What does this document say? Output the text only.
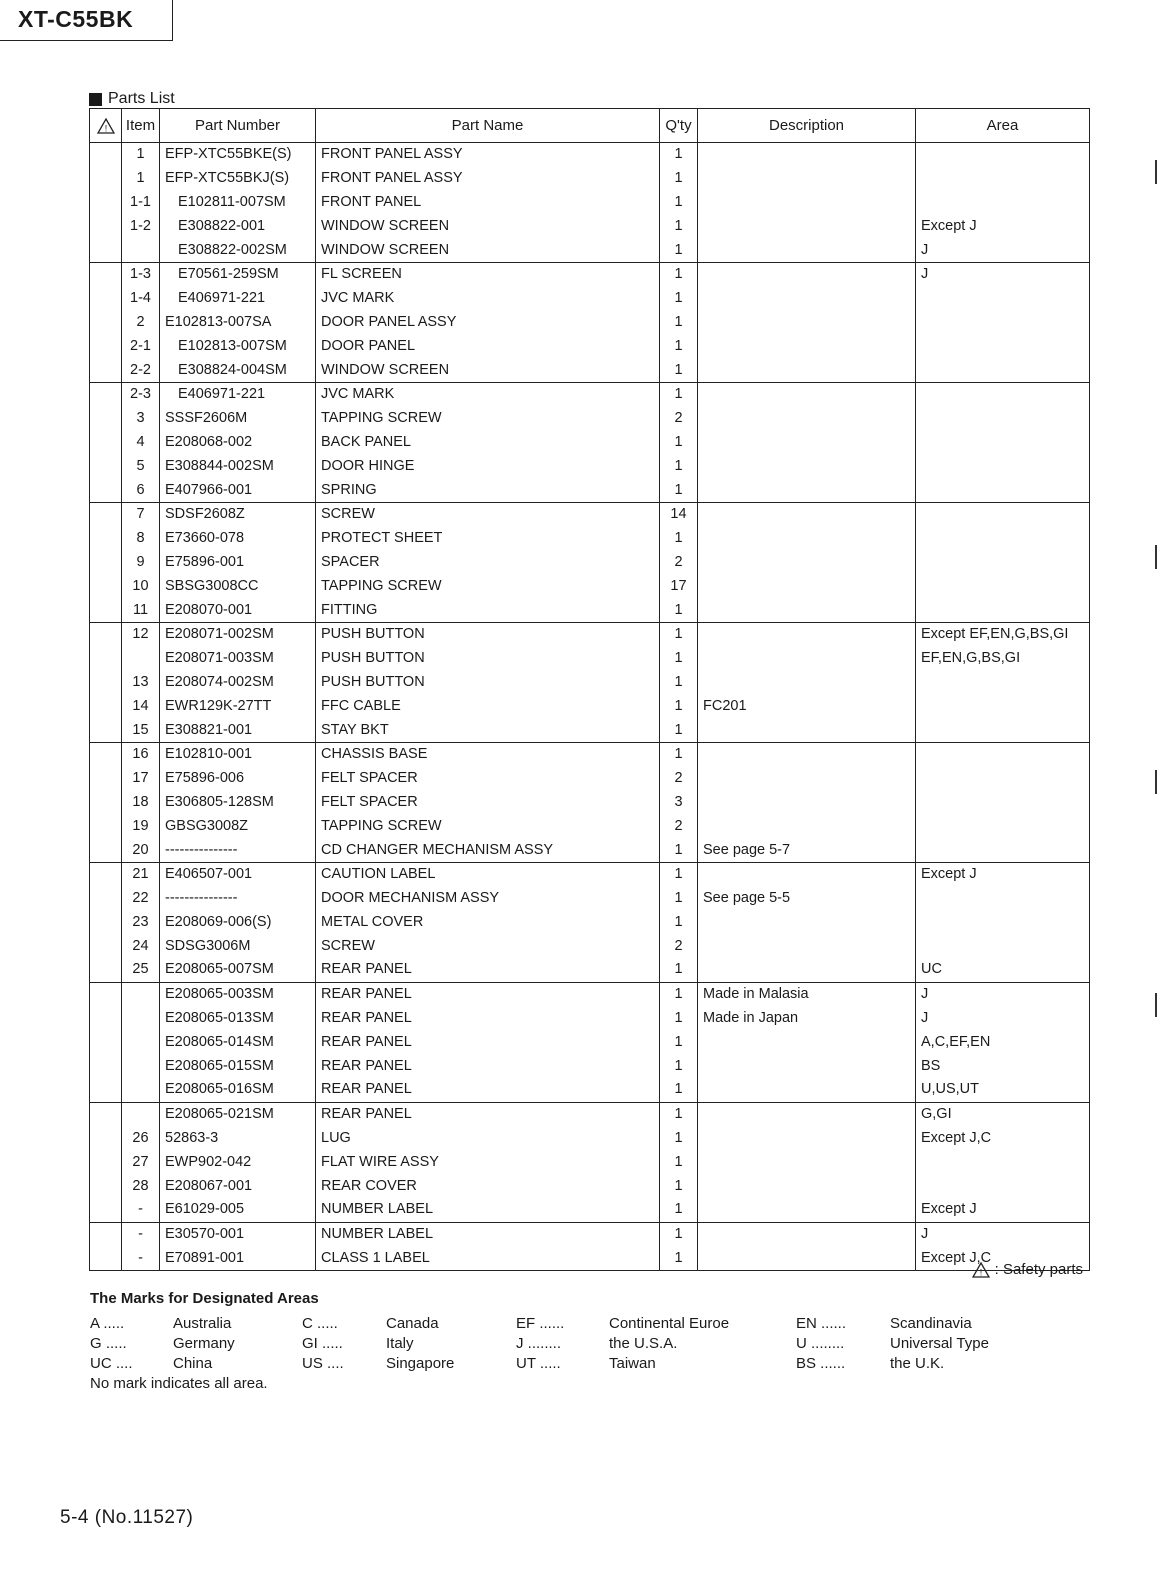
XT-C55BK
Parts List
!	Item	Part Number	Part Name	Q'ty	Description	Area
	1	EFP-XTC55BKE(S)	FRONT PANEL ASSY	1		
	1	EFP-XTC55BKJ(S)	FRONT PANEL ASSY	1		
	1-1	E102811-007SM	FRONT PANEL	1		
	1-2	E308822-001	WINDOW SCREEN	1		Except J
		E308822-002SM	WINDOW SCREEN	1		J
	1-3	E70561-259SM	FL SCREEN	1		J
	1-4	E406971-221	JVC MARK	1		
	2	E102813-007SA	DOOR PANEL ASSY	1		
	2-1	E102813-007SM	DOOR PANEL	1		
	2-2	E308824-004SM	WINDOW SCREEN	1		
	2-3	E406971-221	JVC MARK	1		
	3	SSSF2606M	TAPPING SCREW	2		
	4	E208068-002	BACK PANEL	1		
	5	E308844-002SM	DOOR HINGE	1		
	6	E407966-001	SPRING	1		
	7	SDSF2608Z	SCREW	14		
	8	E73660-078	PROTECT SHEET	1		
	9	E75896-001	SPACER	2		
	10	SBSG3008CC	TAPPING SCREW	17		
	11	E208070-001	FITTING	1		
	12	E208071-002SM	PUSH BUTTON	1		Except EF,EN,G,BS,GI
		E208071-003SM	PUSH BUTTON	1		EF,EN,G,BS,GI
	13	E208074-002SM	PUSH BUTTON	1		
	14	EWR129K-27TT	FFC CABLE	1	FC201	
	15	E308821-001	STAY BKT	1		
	16	E102810-001	CHASSIS BASE	1		
	17	E75896-006	FELT SPACER	2		
	18	E306805-128SM	FELT SPACER	3		
	19	GBSG3008Z	TAPPING SCREW	2		
	20	---------------	CD CHANGER MECHANISM ASSY	1	See page 5-7	
	21	E406507-001	CAUTION LABEL	1		Except J
	22	---------------	DOOR MECHANISM ASSY	1	See page 5-5	
	23	E208069-006(S)	METAL COVER	1		
	24	SDSG3006M	SCREW	2		
	25	E208065-007SM	REAR PANEL	1		UC
		E208065-003SM	REAR PANEL	1	Made in Malasia	J
		E208065-013SM	REAR PANEL	1	Made in Japan	J
		E208065-014SM	REAR PANEL	1		A,C,EF,EN
		E208065-015SM	REAR PANEL	1		BS
		E208065-016SM	REAR PANEL	1		U,US,UT
		E208065-021SM	REAR PANEL	1		G,GI
	26	52863-3	LUG	1		Except J,C
	27	EWP902-042	FLAT WIRE ASSY	1		
	28	E208067-001	REAR COVER	1		
	-	E61029-005	NUMBER LABEL	1		Except J
	-	E30570-001	NUMBER LABEL	1		J
	-	E70891-001	CLASS 1 LABEL	1		Except J,C
! : Safety parts
The Marks for Designated Areas
A .....	Australia	C .....	Canada	EF ......	Continental Euroe	EN ......	Scandinavia
G .....	Germany	GI .....	Italy	J ........	the U.S.A.	U ........	Universal Type
UC ....	China	US ....	Singapore	UT .....	Taiwan	BS ......	the U.K.
No mark indicates all area.
5-4 (No.11527)
